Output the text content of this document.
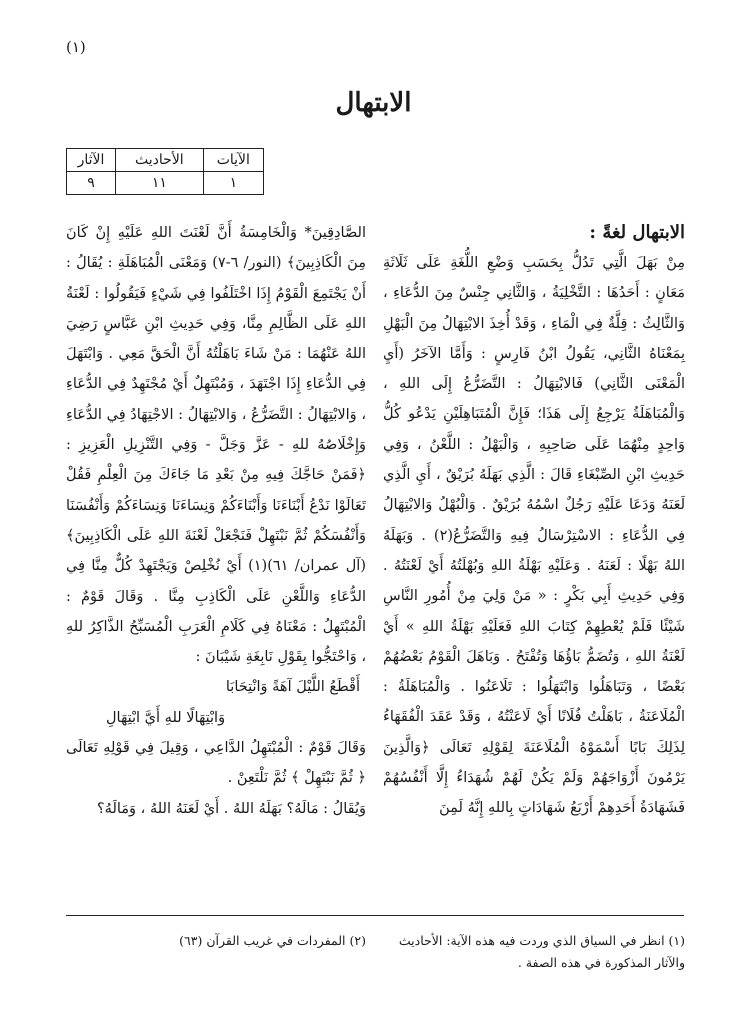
(١)
الابتهال
الآيات	الأحاديث	الآثار
١	١١	٩

الابتهال لغةً :

مِنْ بَهَلَ الَّتِي تَدُلُّ بِحَسَبِ وَضْعِ اللُّغَةِ عَلَى ثَلَاثَةِ مَعَانٍ : أَحَدُهَا : التَّخْلِيَةُ ، وَالثَّانِي جِنْسٌ مِنَ الدُّعَاءِ ، وَالثَّالِثُ : قِلَّةٌ فِي الْمَاءِ ، وَقَدْ أُخِذَ الابْتِهَالُ مِنَ الْبَهْلِ بِمَعْنَاهُ الثَّانِي، يَقُولُ ابْنُ فَارِسٍ : وَأَمَّا الآخَرُ (أَيِ الْمَعْنَى الثَّانِي) فَالابْتِهَالُ : التَّضَرُّعُ إِلَى اللهِ ، وَالْمُبَاهَلَةُ يَرْجِعُ إِلَى هَذَا؛ فَإِنَّ الْمُتَبَاهِلَيْنِ يَدْعُو كُلُّ وَاحِدٍ مِنْهُمَا عَلَى صَاحِبِهِ ، وَالْبَهْلُ : اللَّعْنُ ، وَفِي حَدِيثِ ابْنِ الصِّبْغَاءِ قَالَ : الَّذِي بَهَلَهُ بُرَيْقٌ ، أَيِ الَّذِي لَعَنَهُ وَدَعَا عَلَيْهِ رَجُلٌ اسْمُهُ بُرَيْقٌ . وَالْبُهْلُ وَالابْتِهَالُ فِي الدُّعَاءِ : الاسْتِرْسَالُ فِيهِ وَالتَّضَرُّعُ(٢) . وَبَهَلَهُ اللهُ بَهْلًا : لَعَنَهُ . وَعَلَيْهِ بَهْلَةُ اللهِ وَبُهْلَتُهُ أَيْ لَعْنَتُهُ . وَفِي حَدِيثِ أَبِي بَكْرٍ : « مَنْ وَلِيَ مِنْ أُمُورِ النَّاسِ شَيْئًا فَلَمْ يُعْطِهِمْ كِتَابَ اللهِ فَعَلَيْهِ بَهْلَةُ اللهِ » أَيْ لَعْنَةُ اللهِ ، وَتُضَمُّ بَاؤُهَا وَتُفْتَحُ . وَبَاهَلَ الْقَوْمُ بَعْضُهُمْ بَعْضًا ، وَتَبَاهَلُوا وَابْتَهَلُوا : تَلَاعَنُوا . وَالْمُبَاهَلَةُ : الْمُلَاعَنَةُ ، بَاهَلْتُ فُلَانًا أَيْ لَاعَنْتُهُ ، وَقَدْ عَقَدَ الْفُقَهَاءُ لِذَلِكَ بَابًا أَسْمَوْهُ الْمُلَاعَنَةَ لِقَوْلِهِ تَعَالَى ﴿وَالَّذِينَ يَرْمُونَ أَزْوَاجَهُمْ وَلَمْ يَكُنْ لَهُمْ شُهَدَاءُ إِلَّا أَنْفُسُهُمْ فَشَهَادَةُ أَحَدِهِمْ أَرْبَعُ شَهَادَاتٍ بِاللهِ إِنَّهُ لَمِنَ

الصَّادِقِينَ* وَالْخَامِسَةُ أَنَّ لَعْنَتَ اللهِ عَلَيْهِ إِنْ كَانَ مِنَ الْكَاذِبِينَ﴾ (النور/ ٦-٧) وَمَعْنَى الْمُبَاهَلَةِ : يُقَالُ : أَنْ يَجْتَمِعَ الْقَوْمُ إِذَا اخْتَلَفُوا فِي شَيْءٍ فَيَقُولُوا : لَعْنَةُ اللهِ عَلَى الظَّالِمِ مِنَّا، وَفِي حَدِيثِ ابْنِ عَبَّاسٍ رَضِيَ اللهُ عَنْهُمَا : مَنْ شَاءَ بَاهَلْتُهُ أَنَّ الْحَقَّ مَعِي . وَابْتَهَلَ فِي الدُّعَاءِ إِذَا اجْتَهَدَ ، وَمُبْتَهِلٌ أَيْ مُجْتَهِدٌ فِي الدُّعَاءِ ، وَالابْتِهَالُ : التَّضَرُّعُ ، وَالابْتِهَالُ : الاجْتِهَادُ فِي الدُّعَاءِ وَإِخْلَاصُهُ للهِ - عَزَّ وَجَلَّ - وَفِي التَّنْزِيلِ الْعَزِيزِ : ﴿فَمَنْ حَاجَّكَ فِيهِ مِنْ بَعْدِ مَا جَاءَكَ مِنَ الْعِلْمِ فَقُلْ تَعَالَوْا نَدْعُ أَبْنَاءَنَا وَأَبْنَاءَكُمْ وَنِسَاءَنَا وَنِسَاءَكُمْ وَأَنْفُسَنَا وَأَنْفُسَكُمْ ثُمَّ نَبْتَهِلْ فَنَجْعَلْ لَعْنَةَ اللهِ عَلَى الْكَاذِبِينَ﴾ (آل عمران/ ٦١)(١) أَيْ نُخْلِصْ وَيَجْتَهِدْ كُلٌّ مِنَّا فِي الدُّعَاءِ وَاللَّعْنِ عَلَى الْكَاذِبِ مِنَّا . وَقَالَ قَوْمٌ : الْمُبْتَهِلُ : مَعْنَاهُ فِي كَلَامِ الْعَرَبِ الْمُسَبِّحُ الذَّاكِرُ للهِ ، وَاحْتَجُّوا بِقَوْلِ نَابِغَةِ شَيْبَانَ :

أَقْطَعُ اللَّيْلَ آهَةً وَانْتِحَابَا

وَابْتِهَالًا للهِ أَيَّ ابْتِهَالِ

وَقَالَ قَوْمٌ : الْمُبْتَهِلُ الدَّاعِي ، وَقِيلَ فِي قَوْلِهِ تَعَالَى ﴿ ثُمَّ نَبْتَهِلْ ﴾ ثُمَّ نَلْتَعِنْ .

وَيُقَالُ : مَالَهُ؟ بَهَلَهُ اللهُ . أَيْ لَعَنَهُ اللهُ ، وَمَالَهُ؟

(١) انظر في السياق الذي وردت فيه هذه الآية: الأحاديث والآثار المذكورة في هذه الصفة .

(٢) المفردات في غريب القرآن (٦٣)
